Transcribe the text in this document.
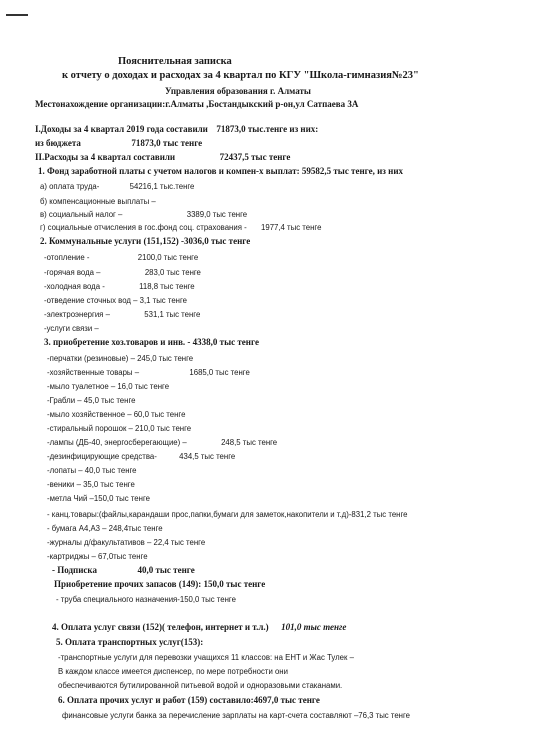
Пояснительная записка
к отчету о доходах и расходах за 4 квартал по КГУ "Школа-гимназия№23"
Управления образования г. Алматы
Местонахождение организации:г.Алматы ,Бостандыкский р-он,ул Сатпаева 3А
I.Доходы за 4 квартал 2019 года составили 71873,0 тыс.тенге из них:
из бюджета	71873,0 тыс тенге
II.Расходы за 4 квартал составили	72437,5 тыс тенге
1. Фонд заработной платы с учетом налогов и компен-х выплат: 59582,5 тыс тенге, из них
а) оплата труда-	54216,1 тыс.тенге
б) компенсационные выплаты –
в) социальный налог –	3389,0 тыс тенге
г) социальные отчисления в гос.фонд соц. страхования - 1977,4 тыс тенге
2. Коммунальные услуги (151,152) -3036,0 тыс тенге
-отопление -	2100,0 тыс тенге
-горячая вода –	283,0 тыс тенге
-холодная вода -	118,8 тыс тенге
-отведение сточных вод – 3,1 тыс тенге
-электроэнергия –	531,1 тыс тенге
-услуги связи –
3. приобретение хоз.товаров и инв. - 4338,0 тыс тенге
-перчатки (резиновые) – 245,0 тыс тенге
-хозяйственные товары –	1685,0 тыс тенге
-мыло туалетное – 16,0 тыс тенге
-Грабли – 45,0 тыс тенге
-мыло хозяйственное – 60,0 тыс тенге
-стиральный порошок – 210,0 тыс тенге
-лампы (ДБ-40, энергосберегающие) –	248,5 тыс тенге
-дезинфицирующие средства-	434,5 тыс тенге
-лопаты – 40,0 тыс тенге
-веники – 35,0 тыс тенге
-метла Чий –150,0 тыс тенге
- канц.товары:(файлы,карандаши прос,папки,бумаги для заметок,накопители и т.д)-831,2 тыс тенге
- бумага А4,А3 – 248,4тыс тенге
-журналы д/факультативов – 22,4 тыс тенге
-картриджы – 67,0тыс тенге
- Подписка	40,0 тыс тенге
Приобретение прочих запасов (149): 150,0 тыс тенге
- труба специального назначения-150,0 тыс тенге
4. Оплата услуг связи (152)( телефон, интернет и т.л.) 101,0 тыс тенге
5. Оплата транспортных услуг(153):
-транспортные услуги для перевозки учащихся 11 классов: на ЕНТ и Жас Тулек –
В каждом классе имеется диспенсер, по мере потребности они
обеспечиваются бутилированной питьевой водой и одноразовыми стаканами.
6. Оплата прочих услуг и работ (159) составило:4697,0 тыс тенге
финансовые услуги банка за перечисление зарплаты на карт-счета составляют –76,3 тыс тенге
